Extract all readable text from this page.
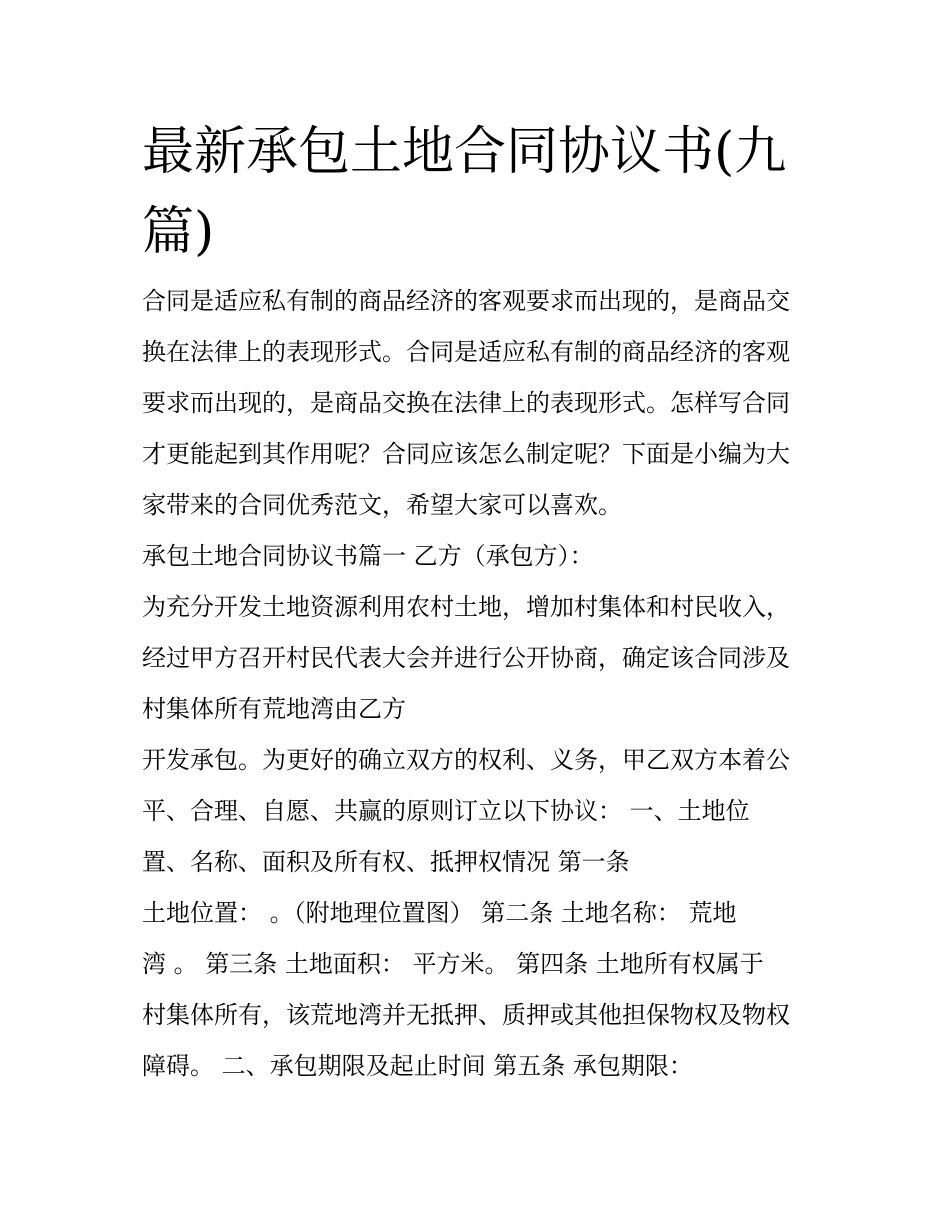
最新承包土地合同协议书(九
篇)
合同是适应私有制的商品经济的客观要求而出现的，是商品交
换在法律上的表现形式。合同是适应私有制的商品经济的客观
要求而出现的，是商品交换在法律上的表现形式。怎样写合同
才更能起到其作用呢？合同应该怎么制定呢？下面是小编为大
家带来的合同优秀范文，希望大家可以喜欢。
承包土地合同协议书篇一 乙方（承包方）：
为充分开发土地资源利用农村土地，增加村集体和村民收入，
经过甲方召开村民代表大会并进行公开协商，确定该合同涉及
村集体所有荒地湾由乙方
开发承包。为更好的确立双方的权利、义务，甲乙双方本着公
平、合理、自愿、共赢的原则订立以下协议： 一、土地位
置、名称、面积及所有权、抵押权情况 第一条
土地位置： 。（附地理位置图） 第二条 土地名称： 荒地
湾 。 第三条 土地面积： 平方米。 第四条 土地所有权属于
村集体所有，该荒地湾并无抵押、质押或其他担保物权及物权
障碍。 二、承包期限及起止时间 第五条 承包期限：
